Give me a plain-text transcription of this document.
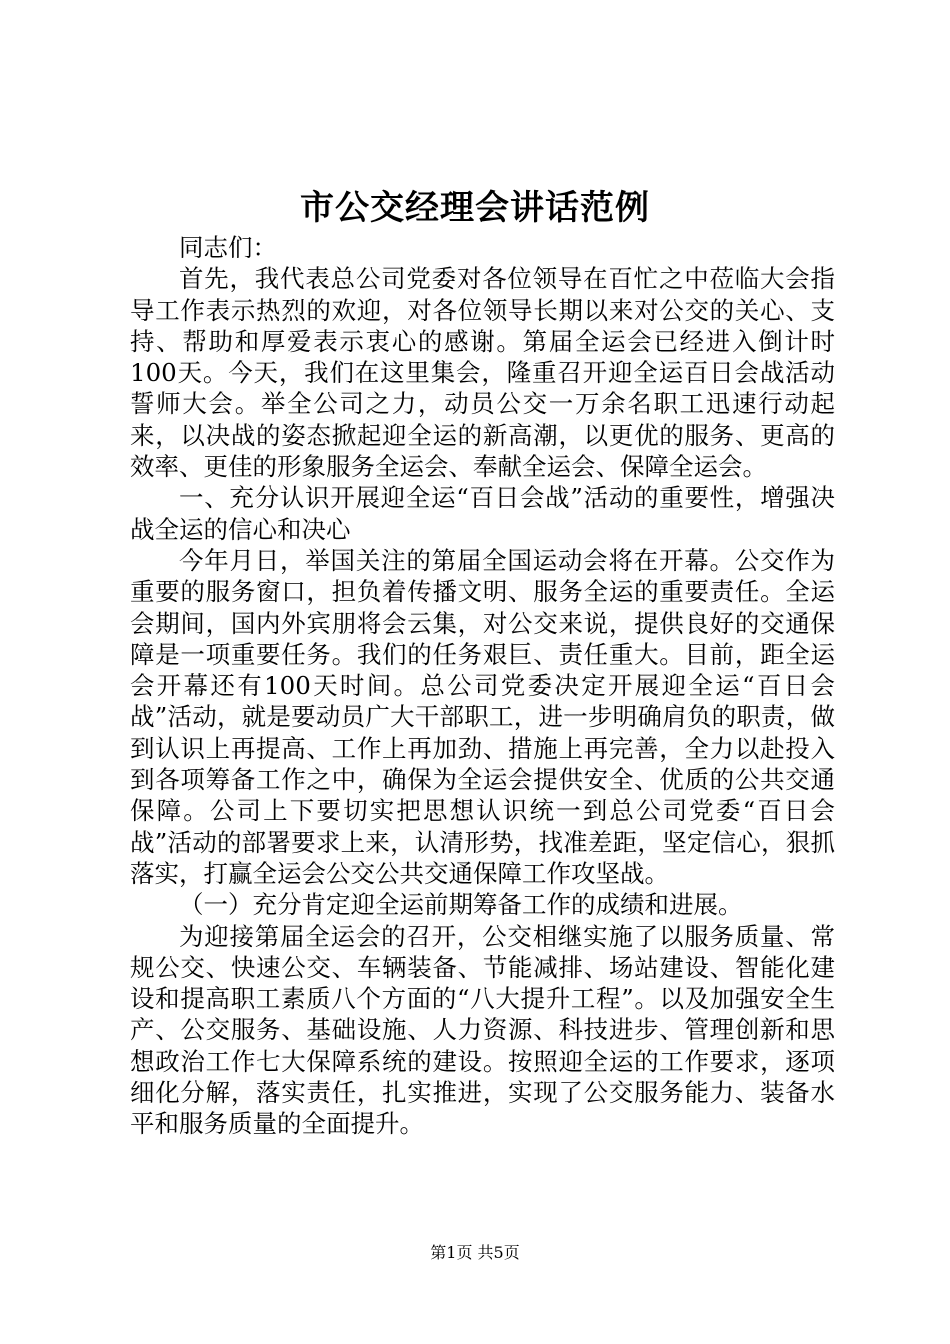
市公交经理会讲话范例

同志们：

首先，我代表总公司党委对各位领导在百忙之中莅临大会指导工作表示热烈的欢迎，对各位领导长期以来对公交的关心、支持、帮助和厚爱表示衷心的感谢。第届全运会已经进入倒计时100天。今天，我们在这里集会，隆重召开迎全运百日会战活动誓师大会。举全公司之力，动员公交一万余名职工迅速行动起来，以决战的姿态掀起迎全运的新高潮，以更优的服务、更高的效率、更佳的形象服务全运会、奉献全运会、保障全运会。

一、充分认识开展迎全运“百日会战”活动的重要性，增强决战全运的信心和决心

今年月日，举国关注的第届全国运动会将在开幕。公交作为重要的服务窗口，担负着传播文明、服务全运的重要责任。全运会期间，国内外宾朋将会云集，对公交来说，提供良好的交通保障是一项重要任务。我们的任务艰巨、责任重大。目前，距全运会开幕还有100天时间。总公司党委决定开展迎全运“百日会战”活动，就是要动员广大干部职工，进一步明确肩负的职责，做到认识上再提高、工作上再加劲、措施上再完善，全力以赴投入到各项筹备工作之中，确保为全运会提供安全、优质的公共交通保障。公司上下要切实把思想认识统一到总公司党委“百日会战”活动的部署要求上来，认清形势，找准差距，坚定信心，狠抓落实，打赢全运会公交公共交通保障工作攻坚战。

（一）充分肯定迎全运前期筹备工作的成绩和进展。

为迎接第届全运会的召开，公交相继实施了以服务质量、常规公交、快速公交、车辆装备、节能减排、场站建设、智能化建设和提高职工素质八个方面的“八大提升工程”。以及加强安全生产、公交服务、基础设施、人力资源、科技进步、管理创新和思想政治工作七大保障系统的建设。按照迎全运的工作要求，逐项细化分解，落实责任，扎实推进，实现了公交服务能力、装备水平和服务质量的全面提升。

第1页 共5页
